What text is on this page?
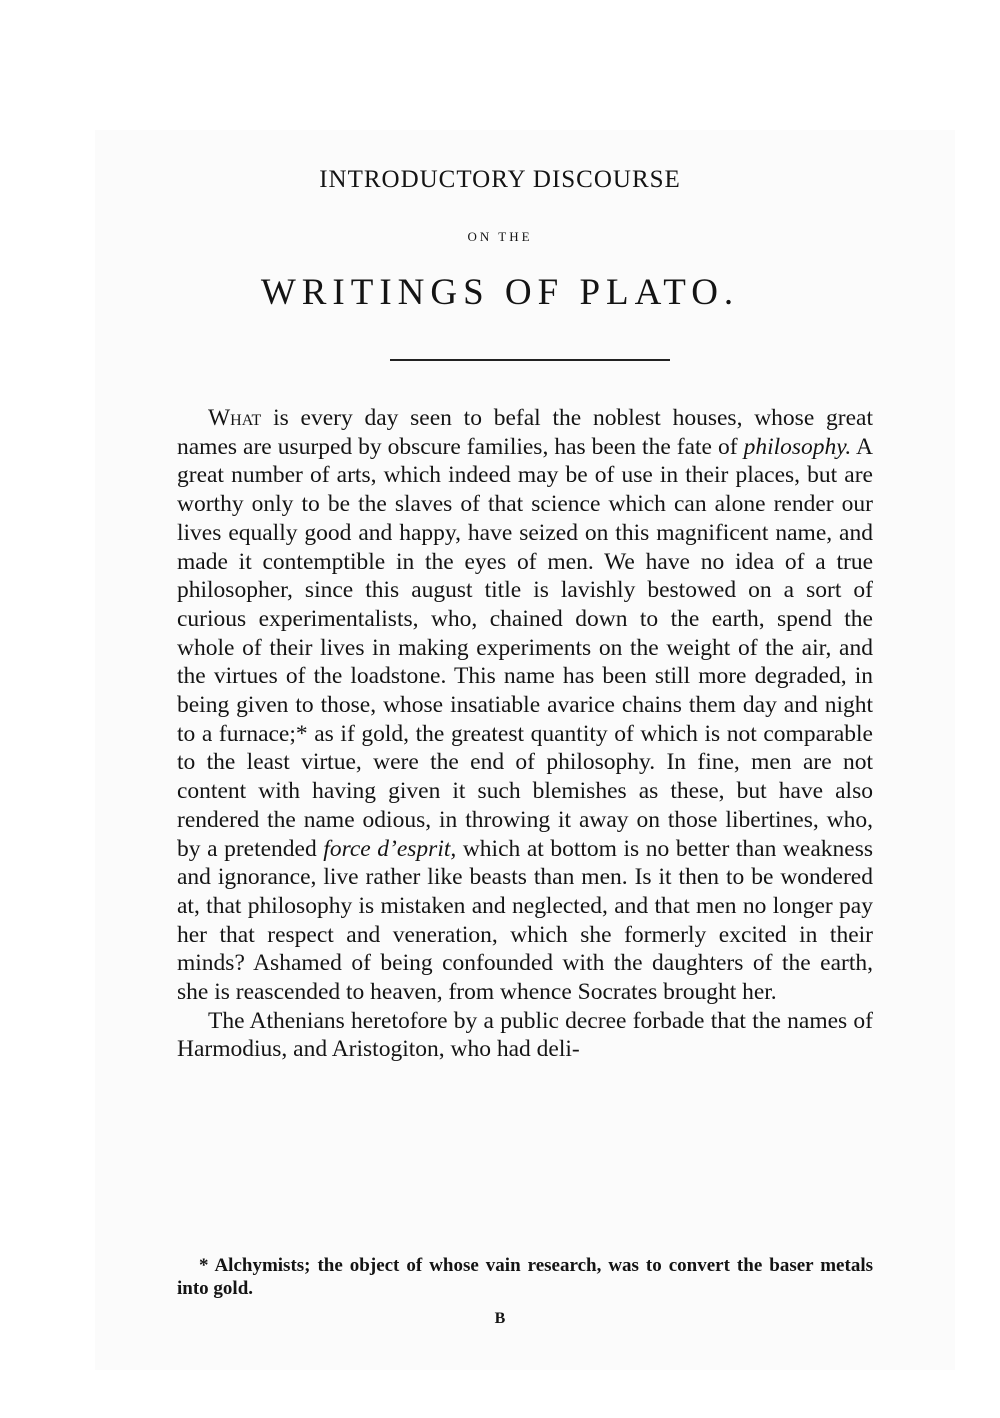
INTRODUCTORY DISCOURSE
ON THE
WRITINGS OF PLATO.

What is every day seen to befal the noblest houses, whose great names are usurped by obscure families, has been the fate of philosophy. A great number of arts, which indeed may be of use in their places, but are worthy only to be the slaves of that science which can alone render our lives equally good and happy, have seized on this magnificent name, and made it contemptible in the eyes of men. We have no idea of a true philosopher, since this august title is lavishly bestowed on a sort of curious experimentalists, who, chained down to the earth, spend the whole of their lives in making experiments on the weight of the air, and the virtues of the loadstone. This name has been still more degraded, in being given to those, whose insatiable avarice chains them day and night to a furnace;* as if gold, the greatest quantity of which is not comparable to the least virtue, were the end of philosophy. In fine, men are not content with having given it such blemishes as these, but have also rendered the name odious, in throwing it away on those libertines, who, by a pretended force d’esprit, which at bottom is no better than weakness and ignorance, live rather like beasts than men. Is it then to be wondered at, that philosophy is mistaken and neglected, and that men no longer pay her that respect and veneration, which she formerly excited in their minds? Ashamed of being confounded with the daughters of the earth, she is reascended to heaven, from whence Socrates brought her.

The Athenians heretofore by a public decree forbade that the names of Harmodius, and Aristogiton, who had deli-

* Alchymists; the object of whose vain research, was to convert the baser metals into gold.
B
